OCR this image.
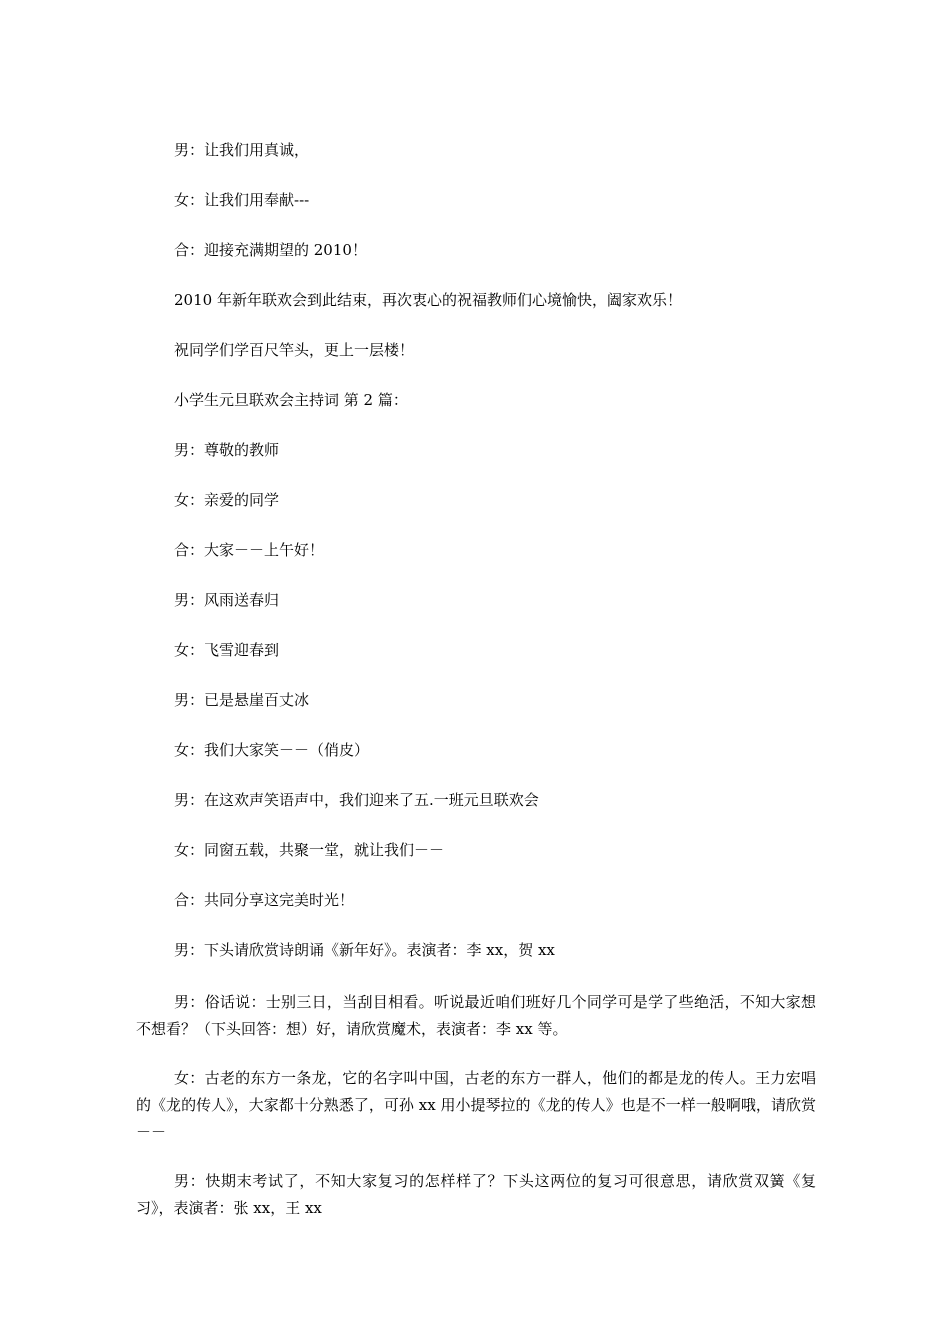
男：让我们用真诚，

女：让我们用奉献---

合：迎接充满期望的 2010！

2010 年新年联欢会到此结束，再次衷心的祝福教师们心境愉快，阖家欢乐！

祝同学们学百尺竿头，更上一层楼！

小学生元旦联欢会主持词 第 2 篇：

男：尊敬的教师

女：亲爱的同学

合：大家－－上午好！

男：风雨送春归

女：飞雪迎春到

男：已是悬崖百丈冰

女：我们大家笑－－（俏皮）

男：在这欢声笑语声中，我们迎来了五.一班元旦联欢会

女：同窗五载，共聚一堂，就让我们－－

合：共同分享这完美时光！

男：下头请欣赏诗朗诵《新年好》。表演者：李 xx，贺 xx

男：俗话说：士别三日，当刮目相看。听说最近咱们班好几个同学可是学了些绝活，不知大家想不想看？（下头回答：想）好，请欣赏魔术，表演者：李 xx 等。

女：古老的东方一条龙，它的名字叫中国，古老的东方一群人，他们的都是龙的传人。王力宏唱的《龙的传人》，大家都十分熟悉了，可孙 xx 用小提琴拉的《龙的传人》也是不一样一般啊哦，请欣赏－－

男：快期末考试了，不知大家复习的怎样样了？下头这两位的复习可很意思，请欣赏双簧《复习》，表演者：张 xx，王 xx
